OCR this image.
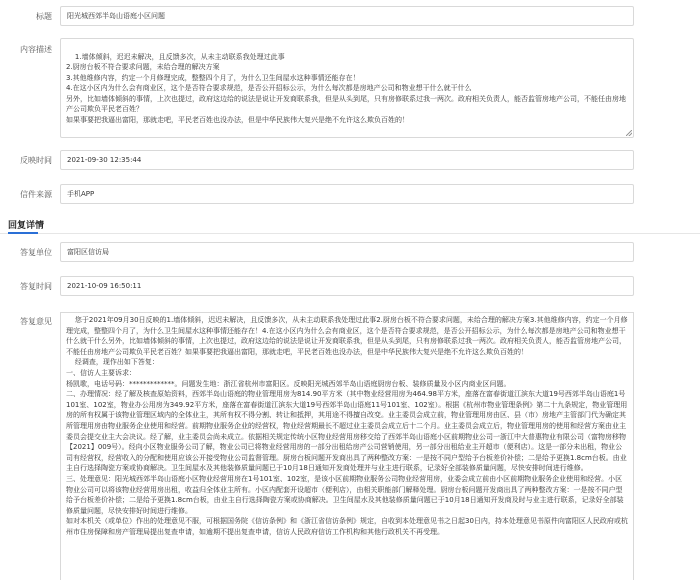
标题	阳光城西郊半岛山语庭小区问题
内容描述

1.墙体倾斜，迟迟未解决，且反馈多次，从未主动联系我处理过此事
2.厨房台板不符合要求问题，未给合理的解决方案
3.其他维修内容，约定一个月修理完成，整整四个月了，为什么卫生间屋水这种事情还能存在！
4.在这小区内为什么会有商业区，这个是否符合要求规范，是否公开招标公示，为什么每次都是房地产公司和物业想干什么就干什么
另外，比如墙体倾斜的事情，上次也提过，政府这边给的说法是说让开发商联系我，但是从头到尾，只有房修联系过我一两次。政府相关负责人，能否监管房地产公司，不能任由房地产公司欺负平民老百姓？
如果事要把我逼出富阳，那就走吧，平民老百姓也没办法，但是中华民族伟大复兴是绝不允许这么欺负百姓的！

反映时间	2021-09-30 12:35:44
信件来源	手机APP
回复详情
答复单位	富阳区信访局
答复时间	2021-10-09 16:50:11
答复意见 您于2021年09月30日反映的1.墙体倾斜，迟迟未解决，且反馈多次，从未主动联系我处理过此事2.厨房台板不符合要求问题，未给合理的解决方案3.其他维修内容，约定一个月修理完成，整整四个月了，为什么卫生间屋水这种事情还能存在！4.在这小区内为什么会有商业区，这个是否符合要求规范，是否公开招标公示，为什么每次都是房地产公司和物业想干什么就干什么另外，比如墙体倾斜的事情，上次也提过，政府这边给的说法是说让开发商联系我，但是从头到尾，只有房修联系过我一两次。政府相关负责人，能否监管房地产公司，不能任由房地产公司欺负平民老百姓？如果事要把我逼出富阳，那就走吧，平民老百姓也没办法，但是中华民族伟大复兴是绝不允许这么欺负百姓的！

经调查，现作出如下答复：

一、信访人主要诉求：

杨凯歌，电话号码：*************。问题发生地：浙江省杭州市富阳区。反映阳光城西郊半岛山语庭厨房台板、装修质量及小区内商业区问题。

二、办理情况：经了解及核查原始资料，西郊半岛山语庭的物业管理用房为814.90平方米（其中物业经营用房为464.98平方米，座落在富春街道江滨东大道19号西郊半岛山语庭1号101室、102室，物业办公用房为349.92平方米，座落在富春街道江滨东大道19号西郊半岛山语庭11号101室、102室）。根据《杭州市物业管理条例》第二十九条规定，物业管理用房的所有权属于该物业管理区域内的全体业主，其所有权不得分割、转让和抵押，其用途不得擅自改变。业主委员会成立前，物业管理用房由区、县（市）房地产主管部门代为确定其所管理用房由物业服务企业使用和经营。前期物业服务企业的经营权，物业经营期最长不超过业主委员会成立后十二个月。业主委员会成立后，物业管理用房的使用和经营方案由业主委员会提交业主大会决议。经了解，业主委员会尚未成立。依据相关规定传统小区物业经营用房移交给了西郊半岛山语庭小区前期物业公司一浙江中大普惠物业有限公司（富物房移物【2021】009号）。经向小区物业服务公司了解，物业公司已将物业经营用房的一部分出租给房产公司营销使用，另一部分出租给业主开超市（便利店）。这是一部分未出租，物业公司有经营权，经营收入的分配和使用应该公开接受物业公司监督管理。厨房台板问题开发商出具了两种整改方案：一是按不同户型给予台板差价补偿；二是给予更换1.8cm台板。由业主自行选择陶瓷方案或协商解决。卫生间屋水及其他装修质量问题已于10月18日通知开发商处理并与业主进行联系，记录好全部装修质量问题，尽快安排时间进行维修。

三、处理意见：阳光城西郊半岛山语庭小区物业经营用房在1号101室、102室，是该小区前期物业服务公司物业经营用房，业委会成立前由小区前期物业服务企业使用和经营。小区物业公司可以将该物业经营用房出租，收益归全体业主所有。小区内配套开设超市（便利店），由相关职能部门解释处理。厨房台板问题开发商出具了两种整改方案：一是按不同户型给予台板差价补偿；二是给予更换1.8cm台板，由业主自行选择陶瓷方案或协商解决。卫生间屋水及其他装修质量问题已于10月18日通知开发商及时与业主进行联系，记录好全部装修质量问题，尽快安排好时间进行维修。

如对本机关（或单位）作出的处理意见不服，可根据国务院《信访条例》和《浙江省信访条例》规定，自收到本处理意见书之日起30日内，持本处理意见书原件向富阳区人民政府或杭州市住房保障和房产管理局提出复查申请，如逾期不提出复查申请，信访人民政府信访工作机构和其他行政机关不再受理。
